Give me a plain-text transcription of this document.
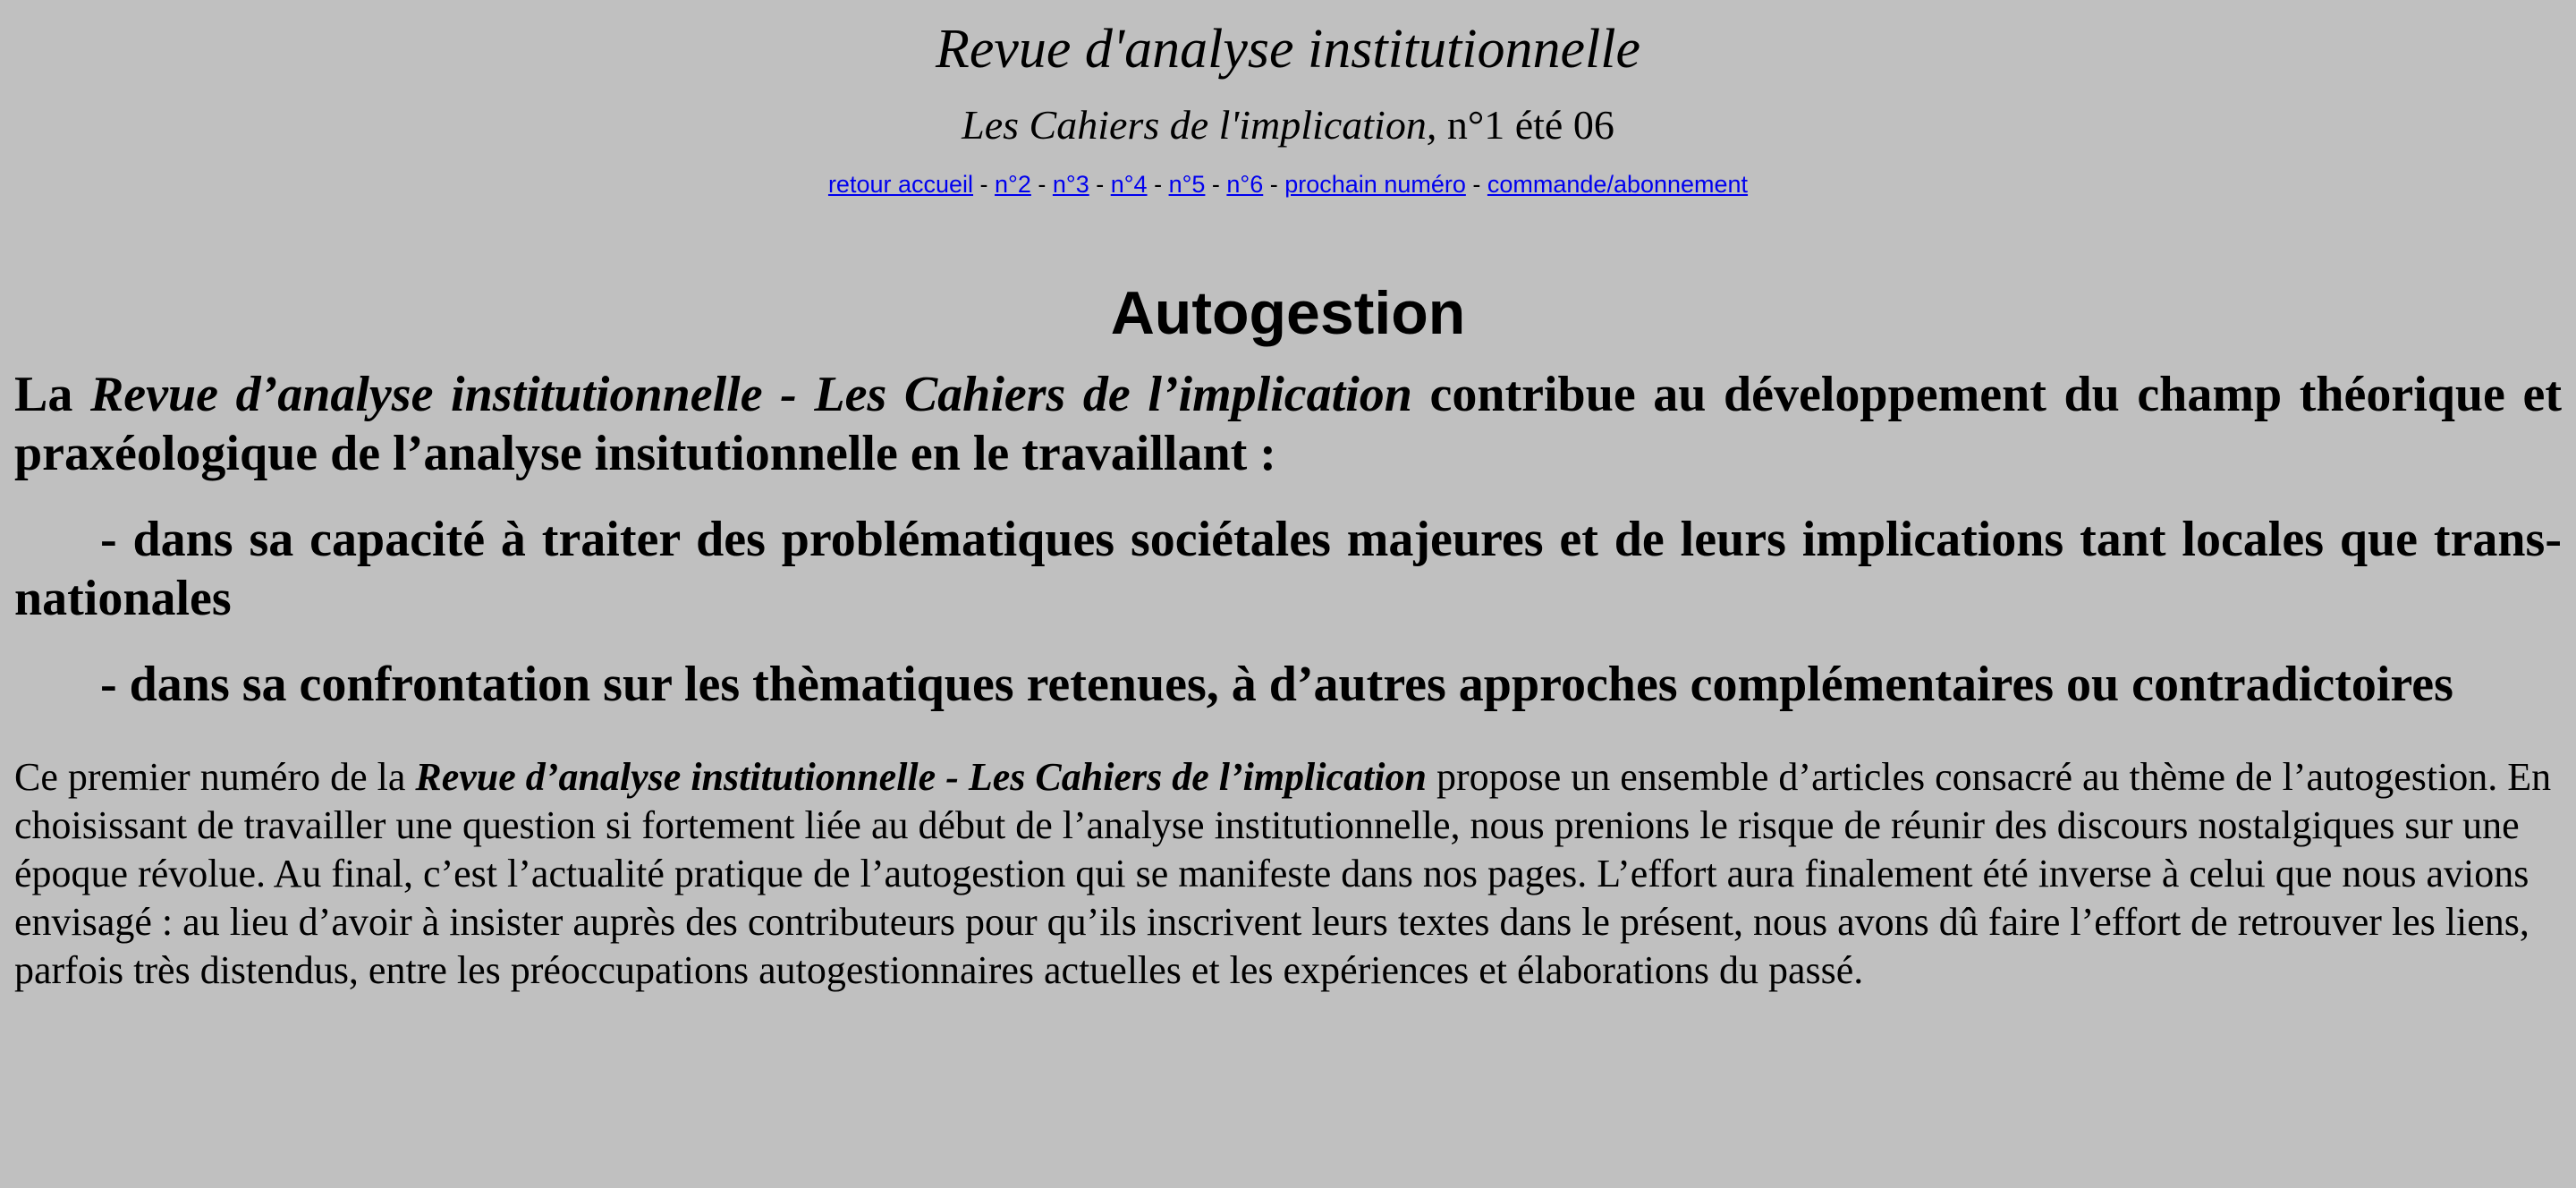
Revue d'analyse institutionnelle
Les Cahiers de l'implication, n°1 été 06
retour accueil - n°2 - n°3 - n°4 - n°5 - n°6 - prochain numéro - commande/abonnement
Autogestion
La Revue d’analyse institutionnelle - Les Cahiers de l’implication contribue au développement du champ théorique et praxéologique de l’analyse insitutionnelle en le travaillant :
- dans sa capacité à traiter des problématiques sociétales majeures et de leurs implications tant locales que trans-nationales
- dans sa confrontation sur les thèmatiques retenues, à d’autres approches complémentaires ou contradictoires
Ce premier numéro de la Revue d’analyse institutionnelle - Les Cahiers de l’implication propose un ensemble d’articles consacré au thème de l’autogestion. En choisissant de travailler une question si fortement liée au début de l’analyse institutionnelle, nous prenions le risque de réunir des discours nostalgiques sur une époque révolue. Au final, c’est l’actualité pratique de l’autogestion qui se manifeste dans nos pages. L’effort aura finalement été inverse à celui que nous avions envisagé : au lieu d’avoir à insister auprès des contributeurs pour qu’ils inscrivent leurs textes dans le présent, nous avons dû faire l’effort de retrouver les liens, parfois très distendus, entre les préoccupations autogestionnaires actuelles et les expériences et élaborations du passé.
